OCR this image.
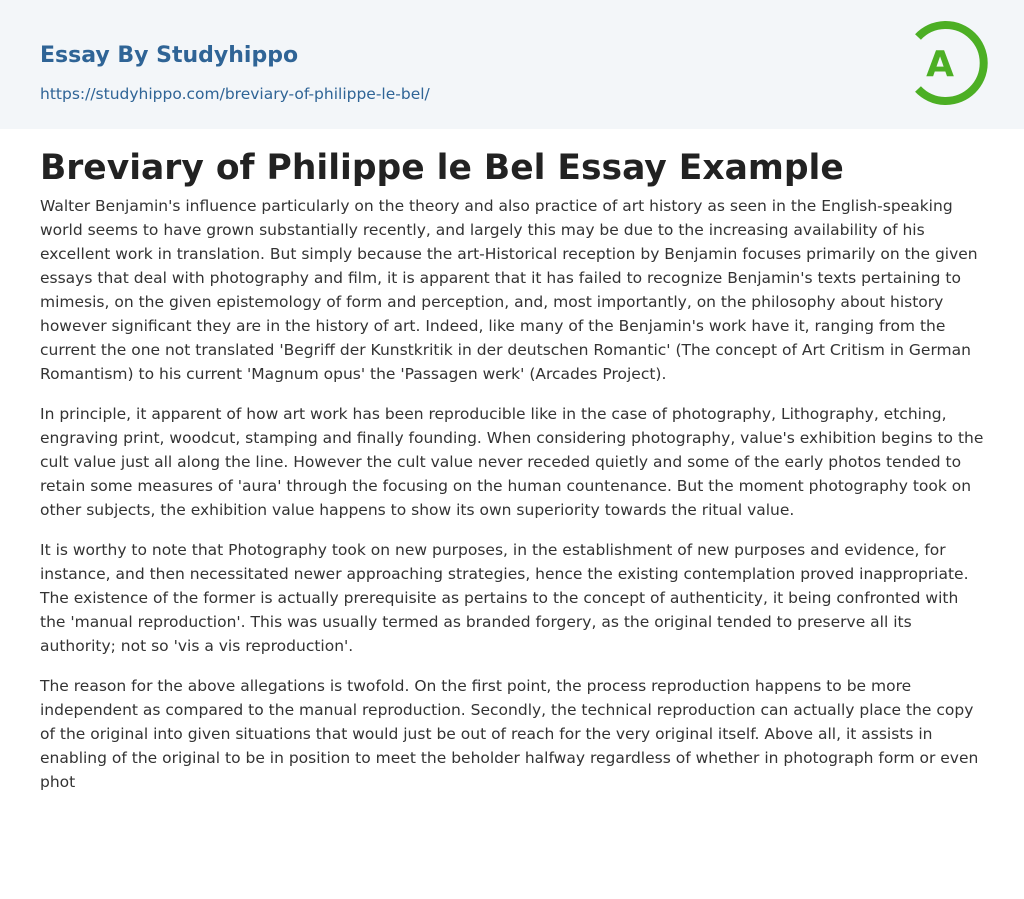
Essay By Studyhippo
https://studyhippo.com/breviary-of-philippe-le-bel/
A
Breviary of Philippe le Bel Essay Example

Walter Benjamin's influence particularly on the theory and also practice of art history as seen in the English-speaking world seems to have grown substantially recently, and largely this may be due to the increasing availability of his excellent work in translation. But simply because the art-Historical reception by Benjamin focuses primarily on the given essays that deal with photography and film, it is apparent that it has failed to recognize Benjamin's texts pertaining to mimesis, on the given epistemology of form and perception, and, most importantly, on the philosophy about history however significant they are in the history of art. Indeed, like many of the Benjamin's work have it, ranging from the current the one not translated 'Begriff der Kunstkritik in der deutschen Romantic' (The concept of Art Critism in German Romantism) to his current 'Magnum opus' the 'Passagen werk' (Arcades Project).

In principle, it apparent of how art work has been reproducible like in the case of photography, Lithography, etching, engraving print, woodcut, stamping and finally founding. When considering photography, value's exhibition begins to the cult value just all along the line. However the cult value never receded quietly and some of the early photos tended to retain some measures of 'aura' through the focusing on the human countenance. But the moment photography took on other subjects, the exhibition value happens to show its own superiority towards the ritual value.

It is worthy to note that Photography took on new purposes, in the establishment of new purposes and evidence, for instance, and then necessitated newer approaching strategies, hence the existing contemplation proved inappropriate. The existence of the former is actually prerequisite as pertains to the concept of authenticity, it being confronted with the 'manual reproduction'. This was usually termed as branded forgery, as the original tended to preserve all its authority; not so 'vis a vis reproduction'.

The reason for the above allegations is twofold. On the first point, the process reproduction happens to be more independent as compared to the manual reproduction. Secondly, the technical reproduction can actually place the copy of the original into given situations that would just be out of reach for the very original itself. Above all, it assists in enabling of the original to be in position to meet the beholder halfway regardless of whether in photograph form or even phot
